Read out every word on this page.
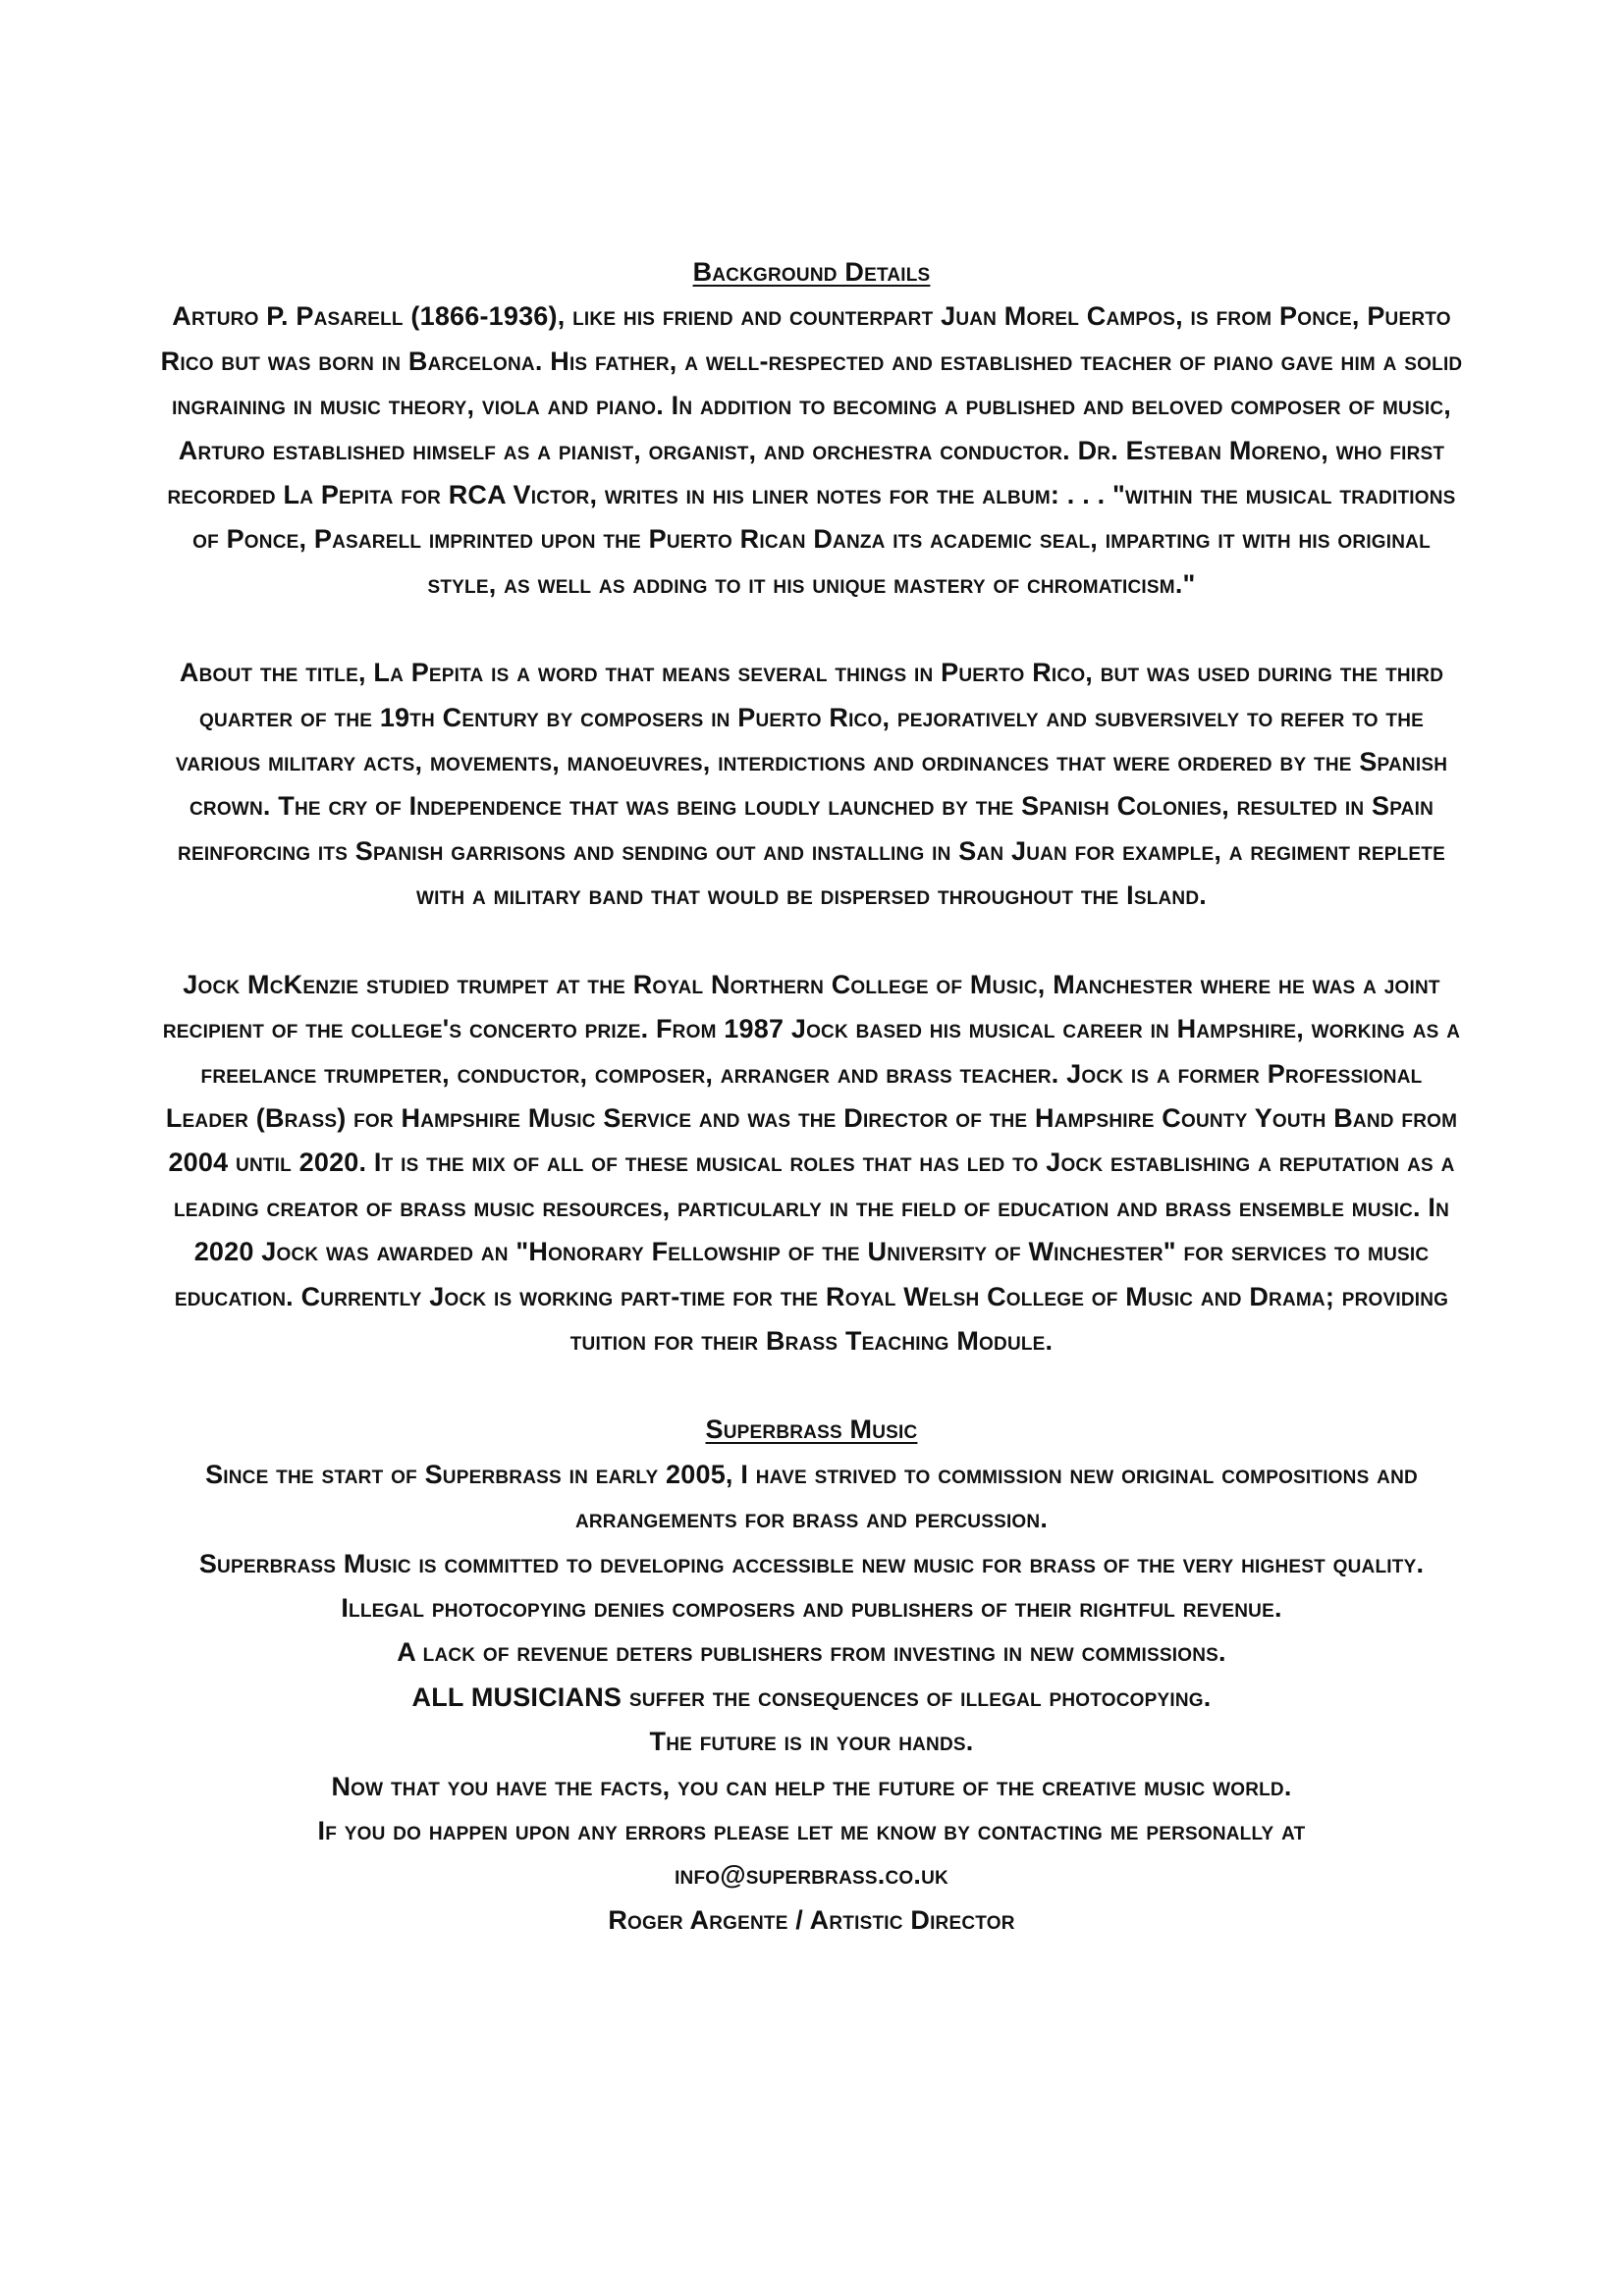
Background Details

Arturo P. Pasarell (1866-1936), like his friend and counterpart Juan Morel Campos, is from Ponce, Puerto Rico but was born in Barcelona. His father, a well-respected and established teacher of piano gave him a solid ingraining in music theory, viola and piano. In addition to becoming a published and beloved composer of music, Arturo established himself as a pianist, organist, and orchestra conductor. Dr. Esteban Moreno, who first recorded La Pepita for RCA Victor, writes in his liner notes for the album: . . . "within the musical traditions of Ponce, Pasarell imprinted upon the Puerto Rican Danza its academic seal, imparting it with his original style, as well as adding to it his unique mastery of chromaticism."

About the title, La Pepita is a word that means several things in Puerto Rico, but was used during the third quarter of the 19th Century by composers in Puerto Rico, pejoratively and subversively to refer to the various military acts, movements, manoeuvres, interdictions and ordinances that were ordered by the Spanish crown. The cry of Independence that was being loudly launched by the Spanish Colonies, resulted in Spain reinforcing its Spanish garrisons and sending out and installing in San Juan for example, a regiment replete with a military band that would be dispersed throughout the Island.

Jock McKenzie studied trumpet at the Royal Northern College of Music, Manchester where he was a joint recipient of the college's concerto prize. From 1987 Jock based his musical career in Hampshire, working as a freelance trumpeter, conductor, composer, arranger and brass teacher. Jock is a former Professional Leader (Brass) for Hampshire Music Service and was the Director of the Hampshire County Youth Band from 2004 until 2020. It is the mix of all of these musical roles that has led to Jock establishing a reputation as a leading creator of brass music resources, particularly in the field of education and brass ensemble music. In 2020 Jock was awarded an "Honorary Fellowship of the University of Winchester" for services to music education. Currently Jock is working part-time for the Royal Welsh College of Music and Drama; providing tuition for their Brass Teaching Module.

Superbrass Music

Since the start of Superbrass in early 2005, I have strived to commission new original compositions and arrangements for brass and percussion.

Superbrass Music is committed to developing accessible new music for brass of the very highest quality.

Illegal photocopying denies composers and publishers of their rightful revenue.

A lack of revenue deters publishers from investing in new commissions.

ALL MUSICIANS suffer the consequences of illegal photocopying.

The future is in your hands.

Now that you have the facts, you can help the future of the creative music world.

If you do happen upon any errors please let me know by contacting me personally at

info@superbrass.co.uk

Roger Argente / Artistic Director
